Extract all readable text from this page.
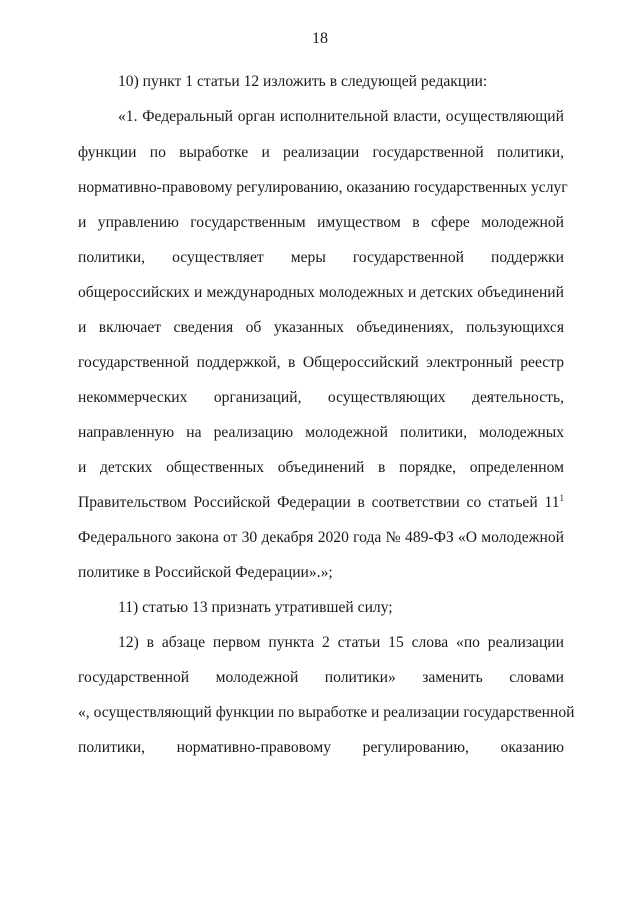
18
10) пункт 1 статьи 12 изложить в следующей редакции:
«1. Федеральный орган исполнительной власти, осуществляющий
функции по выработке и реализации государственной политики,
нормативно-правовому регулированию, оказанию государственных услуг
и управлению государственным имуществом в сфере молодежной
политики, осуществляет меры государственной поддержки
общероссийских и международных молодежных и детских объединений
и включает сведения об указанных объединениях, пользующихся
государственной поддержкой, в Общероссийский электронный реестр
некоммерческих организаций, осуществляющих деятельность,
направленную на реализацию молодежной политики, молодежных
и детских общественных объединений в порядке, определенном
Правительством Российской Федерации в соответствии со статьей $11^1$
Федерального закона от 30 декабря 2020 года № 489-ФЗ «О молодежной
политике в Российской Федерации».»;
11) статью 13 признать утратившей силу;
12) в абзаце первом пункта 2 статьи 15 слова «по реализации
государственной молодежной политики» заменить словами
«, осуществляющий функции по выработке и реализации государственной
политики, нормативно-правовому регулированию, оказанию
